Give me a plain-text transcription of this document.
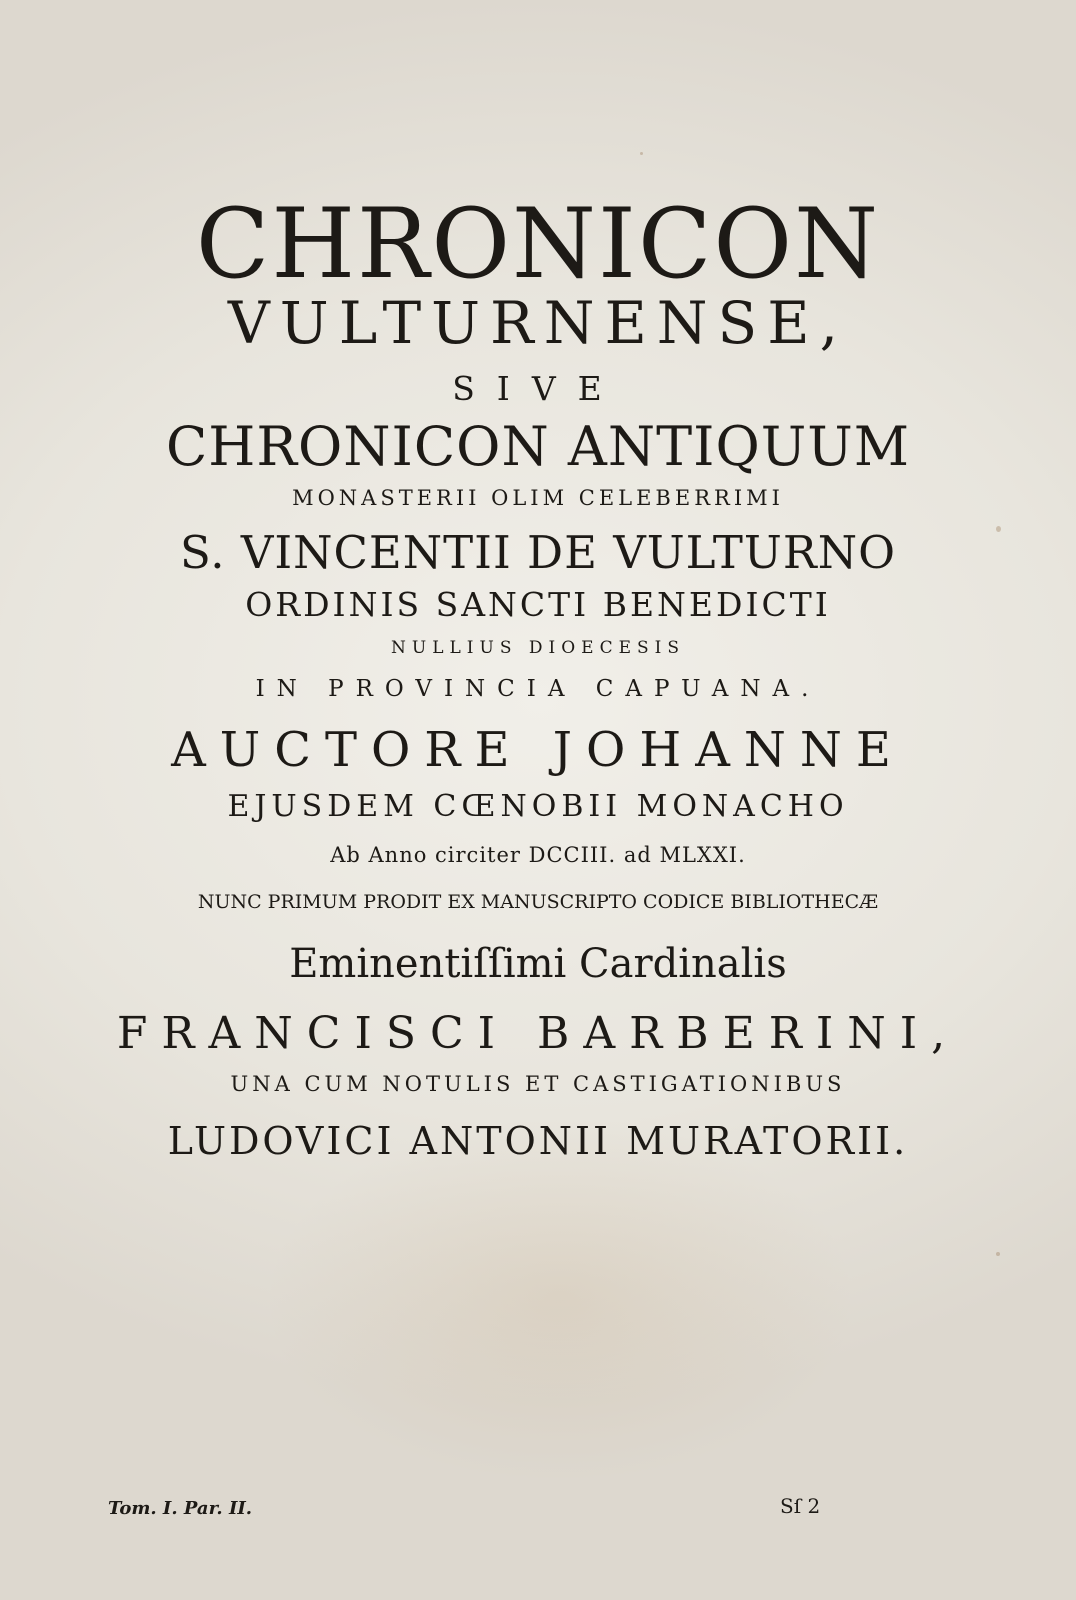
CHRONICON
VULTURNENSE,
SIVE
CHRONICON ANTIQUUM
MONASTERII OLIM CELEBERRIMI
S. VINCENTII DE VULTURNO
ORDINIS SANCTI BENEDICTI
NULLIUS DIOECESIS
IN PROVINCIA CAPUANA.
AUCTORE JOHANNE
EJUSDEM CŒNOBII MONACHO
Ab Anno circiter DCCIII. ad MLXXI.
NUNC PRIMUM PRODIT EX MANUSCRIPTO CODICE BIBLIOTHECÆ
Eminentiſſimi Cardinalis
FRANCISCI BARBERINI,
UNA CUM NOTULIS ET CASTIGATIONIBUS
LUDOVICI ANTONII MURATORII.
Tom. I. Par. II.	Sſ 2
